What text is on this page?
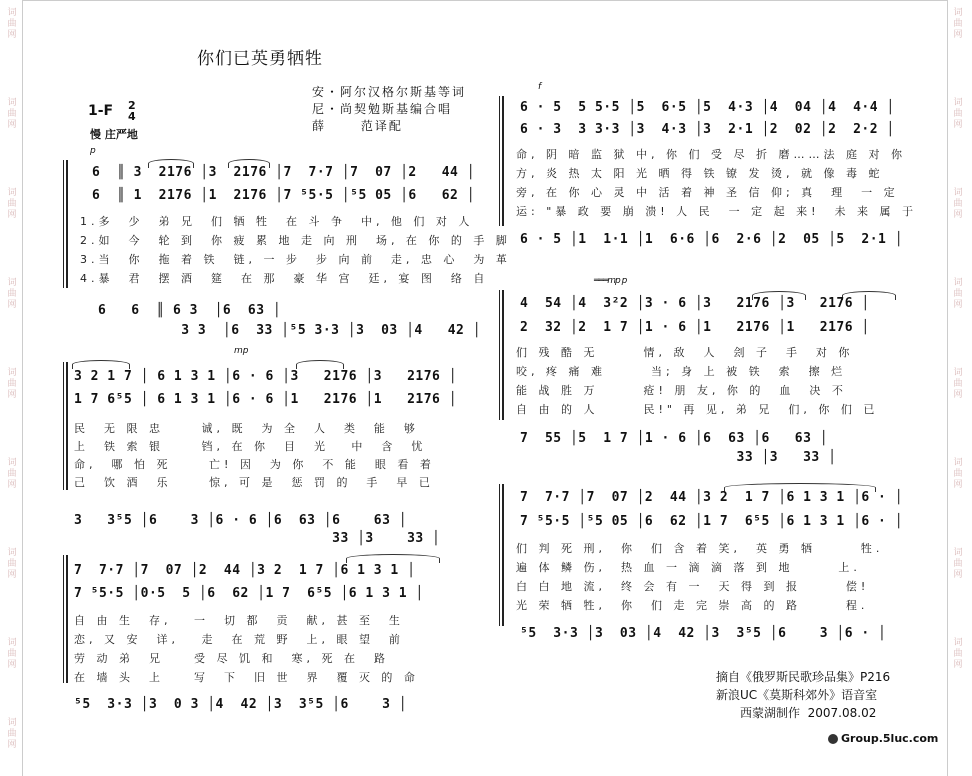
词曲网
词曲网
词曲网
词曲网
词曲网
词曲网
词曲网
词曲网
词曲网
词曲网
词曲网
词曲网
词曲网
词曲网
词曲网
词曲网
词曲网
你们已英勇牺牲
1-F 2
4
慢 庄严地
安・阿尔汉格尔斯基等词
尼・尚契勉斯基编合唱
薛      范译配
p
6  ║ 3  2176 │3  2176 │7  7·7 │7  07 │2   44 │
6  ║ 1  2176 │1  2176 │7 ⁵5·5 │⁵5 05 │6   62 │
1.多  少  弟 兄  们 牺 牲  在 斗 争  中, 他 们 对 人
2.如  今  轮 到  你 疲 累 地 走 向 刑  场, 在 你 的 手 脚
3.当  你  拖 着 铁  链, 一 步  步 向 前  走, 忠 心  为 革
4.暴  君  摆 酒  筵  在 那  豪 华 宫  廷, 宴 图  络 自
6   6  ║ 6 3  │6  63 │
3 3  │6  33 │⁵5 3·3 │3  03 │4   42 │
mp
3 2 1 7 │ 6 1 3 1 │6 · 6 │3   2176 │3   2176 │
1 7 6⁵5 │ 6 1 3 1 │6 · 6 │1   2176 │1   2176 │
民  无 限 忠     诚, 既  为 全  人  类  能  够
上  铁 索 银     铛, 在 你  目  光   中  含  忧
命,  哪 怕 死     亡! 因  为 你  不 能  眼 看 着
己  饮 酒  乐     惊, 可 是  惩 罚 的  手  早 已
3   3⁵5 │6    3 │6 · 6 │6  63 │6    63 │
33 │3    33 │
7  7·7 │7  07 │2  44 │3 2  1 7 │6 1 3 1 │
7 ⁵5·5 │0·5  5 │6  62 │1 7  6⁵5 │6 1 3 1 │
自 由 生  存,   一  切 都  贡  献, 甚 至  生
恋, 又 安  详,   走  在 荒 野  上, 眼 望  前
劳 动 弟  兄    受 尽 饥 和  寒, 死 在  路
在 墙 头  上    写  下  旧 世  界  覆 灭 的 命
⁵5  3·3 │3  0 3 │4  42 │3  3⁵5 │6    3 │
f
6 · 5  5 5·5 │5  6·5 │5  4·3 │4  04 │4  4·4 │
6 · 3  3 3·3 │3  4·3 │3  2·1 │2  02 │2  2·2 │
命, 阴 暗 监 狱 中, 你 们 受 尽 折 磨……法 庭 对 你
方, 炎 热 太 阳 光 晒 得 铁 镣 发 烫, 就 像 毒 蛇
旁, 在 你 心 灵 中 活 着 神 圣 信 仰; 真  理  一 定
运: "暴 政 要 崩 溃! 人 民  一 定 起 来!  未 来 属 于
6 · 5 │1  1·1 │1  6·6 │6  2·6 │2  05 │5  2·1 │
═══mp p
4  54 │4  3²2 │3 · 6 │3   2176 │3   2176 │
2  32 │2  1 7 │1 · 6 │1   2176 │1   2176 │
们 残 酷 无      情, 敌  人  刽 子  手  对 你
咬, 疼 痛 难      当; 身 上 被 铁  索  擦 烂
能 战 胜 万      疮! 朋 友, 你 的  血  决 不
自 由 的 人      民!" 再 见, 弟 兄  们, 你 们 已
7  55 │5  1 7 │1 · 6 │6  63 │6   63 │
33 │3   33 │
7  7·7 │7  07 │2  44 │3 2  1 7 │6 1 3 1 │6 · │
7 ⁵5·5 │⁵5 05 │6  62 │1 7  6⁵5 │6 1 3 1 │6 · │
们 判 死 刑,  你  们 含 着 笑,  英 勇 牺      牲.
遍 体 鳞 伤,  热 血 一 滴 滴 落 到 地      上.
白 白 地 流,  终 会 有 一  天 得 到 报      偿!
光 荣 牺 牲,  你  们 走 完 崇 高 的 路      程.
⁵5  3·3 │3  03 │4  42 │3  3⁵5 │6    3 │6 · │
摘自《俄罗斯民歌珍品集》P216
新浪UC《莫斯科郊外》语音室
西蒙湖制作  2007.08.02
Group.5luc.com
